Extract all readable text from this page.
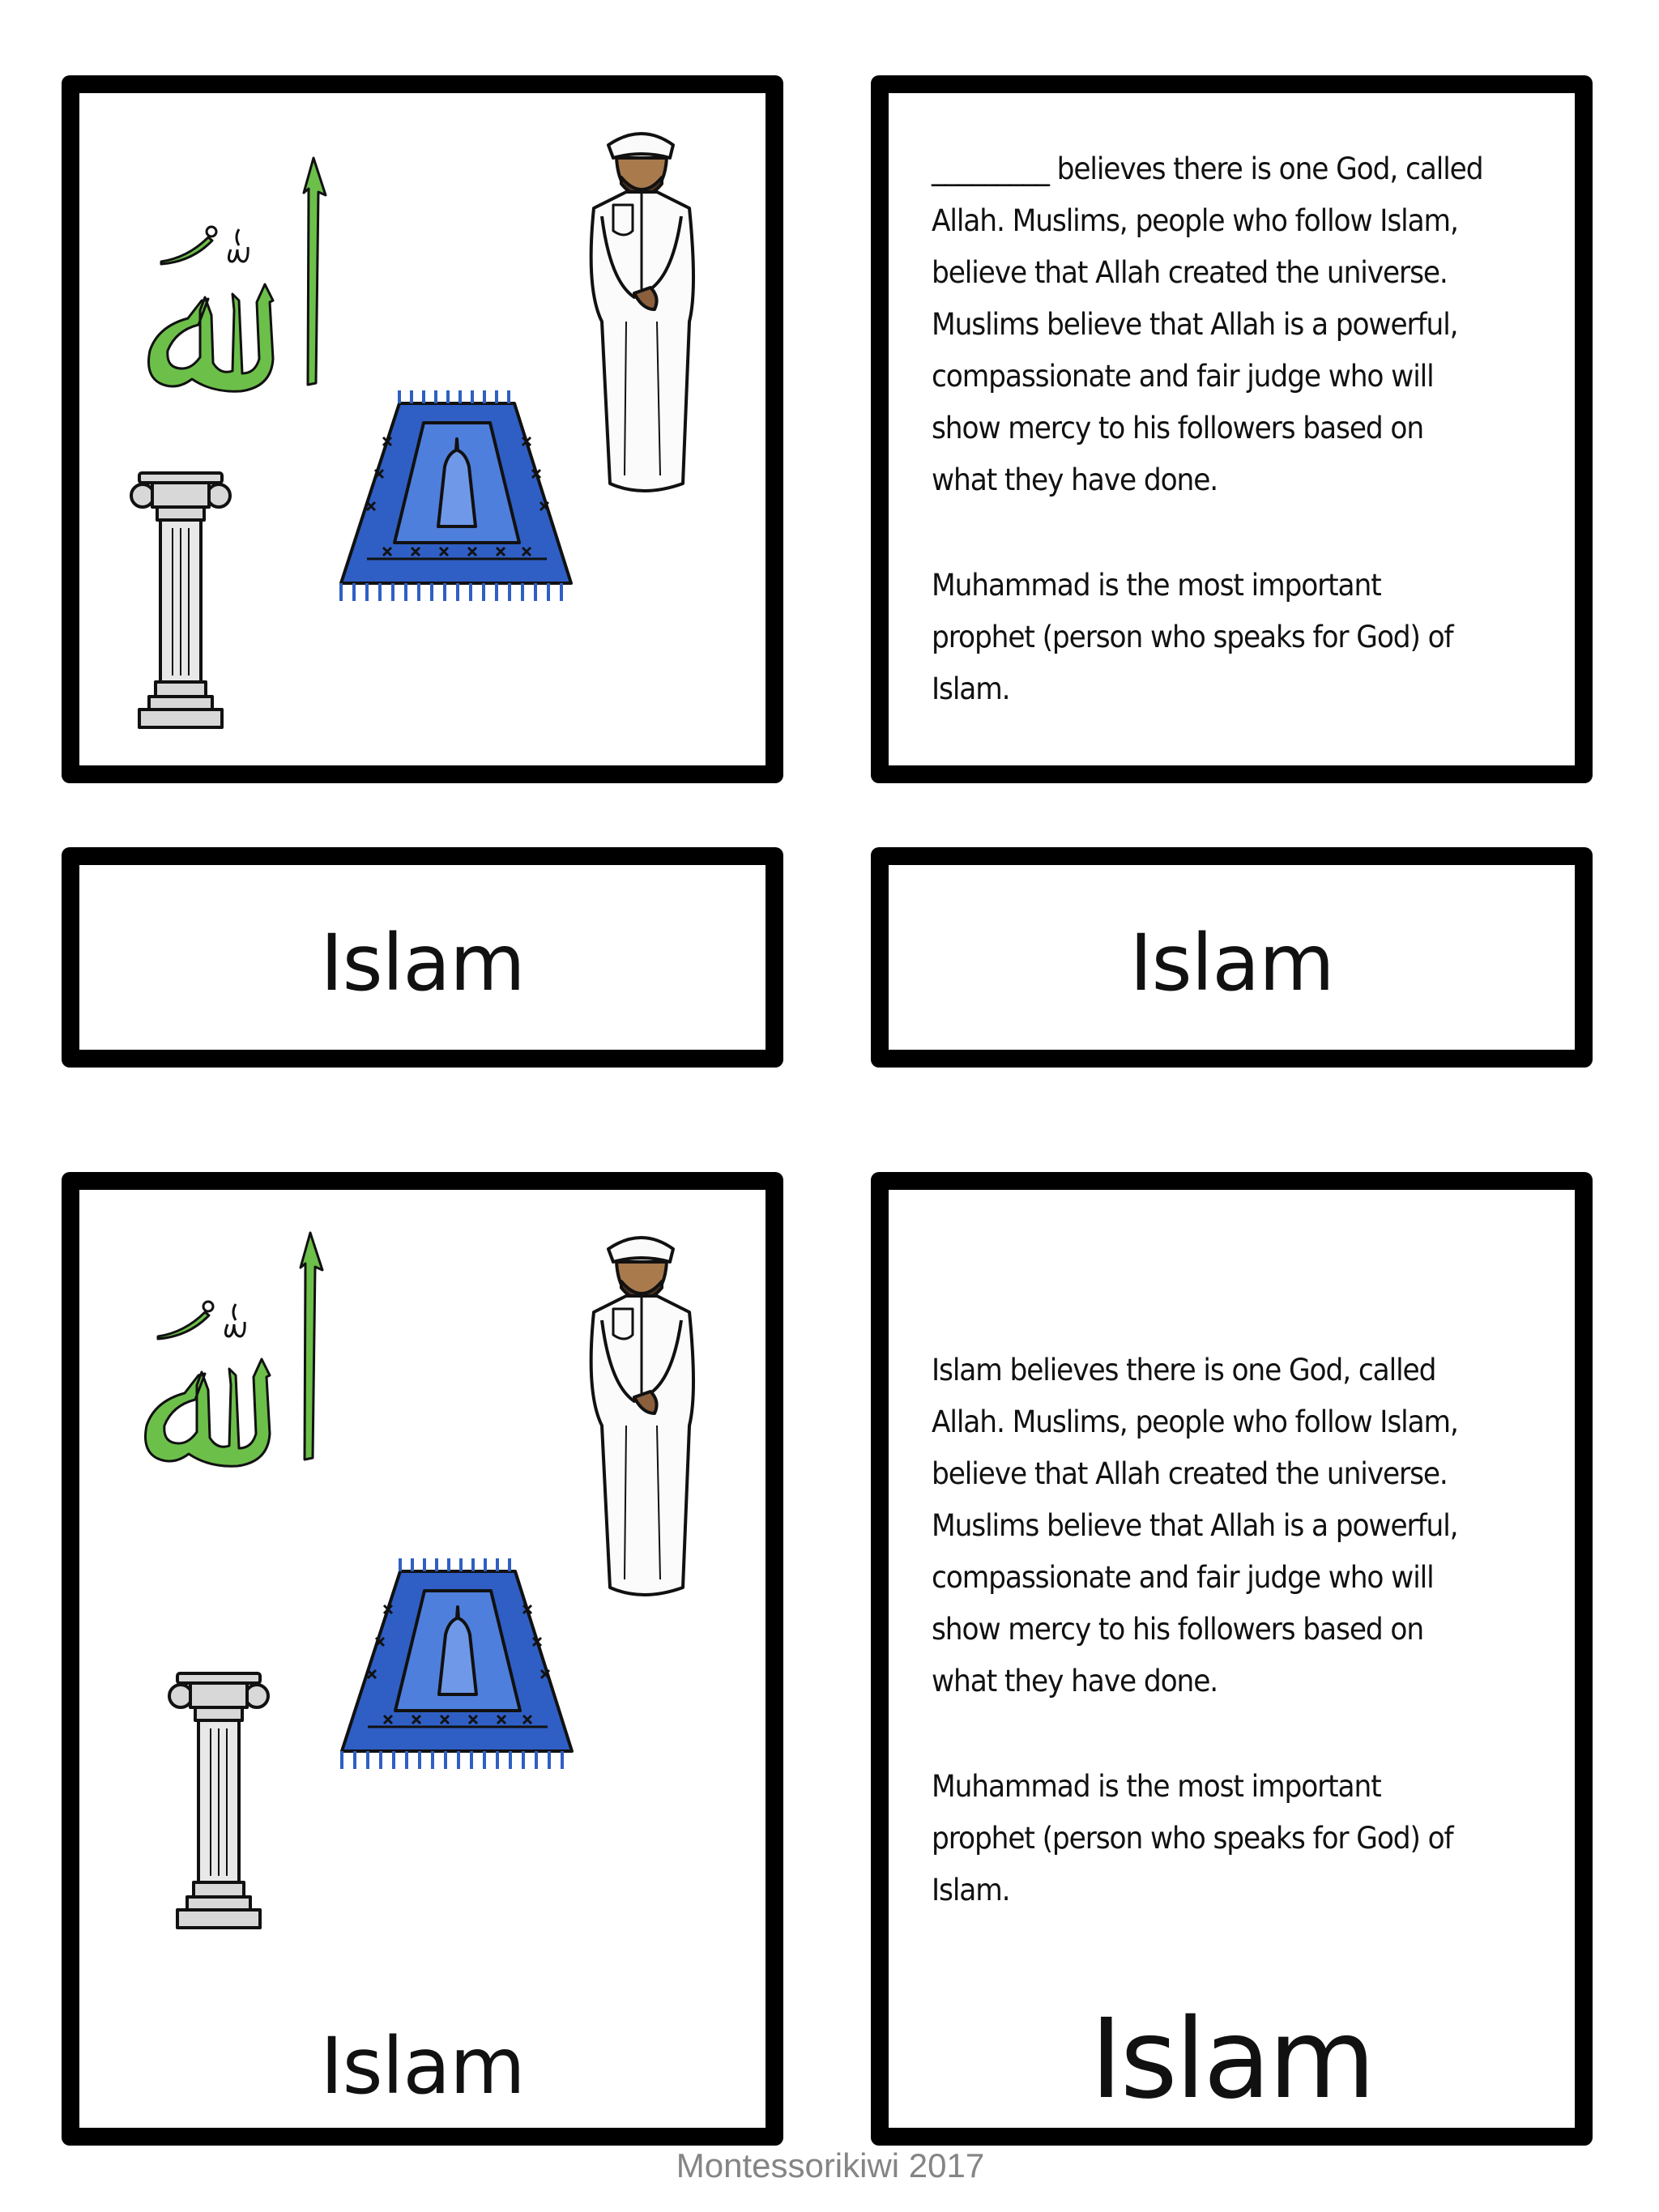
_________ believes there is one God, called
Allah. Muslims, people who follow Islam,
believe that Allah created the universe.
Muslims believe that Allah is a powerful,
compassionate and fair judge who will
show mercy to his followers based on
what they have done.
Muhammad is the most important
prophet (person who speaks for God) of
Islam.
Islam	Islam
Islam
Islam believes there is one God, called
Allah. Muslims, people who follow Islam,
believe that Allah created the universe.
Muslims believe that Allah is a powerful,
compassionate and fair judge who will
show mercy to his followers based on
what they have done.
Muhammad is the most important
prophet (person who speaks for God) of
Islam.
Islam
Montessorikiwi 2017
